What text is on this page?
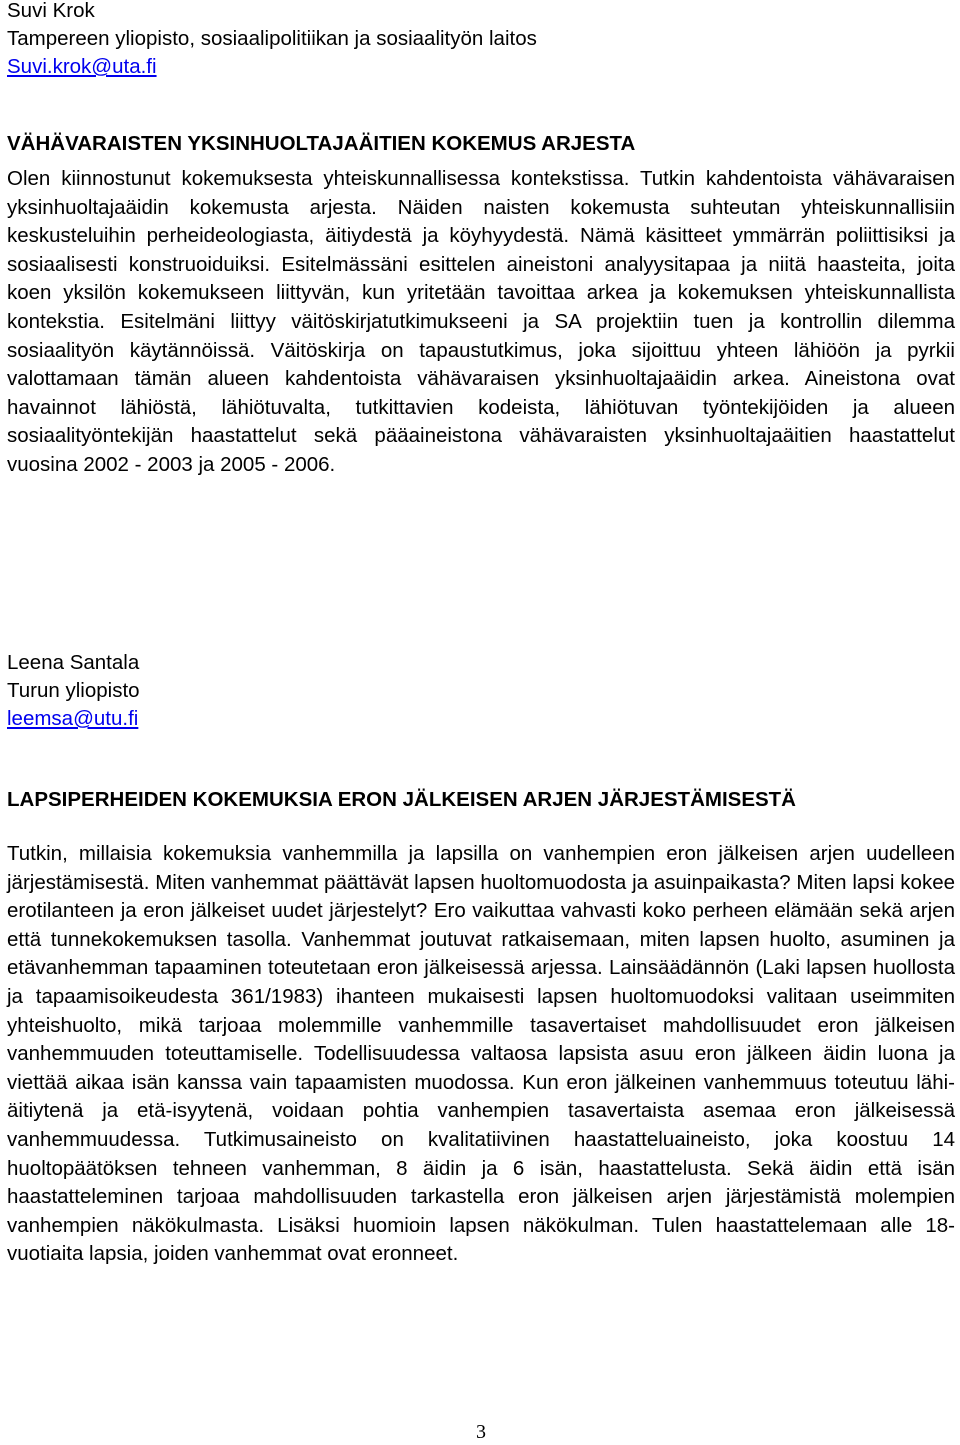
Suvi Krok

Tampereen yliopisto, sosiaalipolitiikan ja sosiaalityön laitos

Suvi.krok@uta.fi

VÄHÄVARAISTEN YKSINHUOLTAJAÄITIEN KOKEMUS ARJESTA

Olen kiinnostunut kokemuksesta yhteiskunnallisessa kontekstissa. Tutkin kahdentoista vähävaraisen yksinhuoltajaäidin kokemusta arjesta. Näiden naisten kokemusta suhteutan yhteiskunnallisiin keskusteluihin perheideologiasta, äitiydestä ja köyhyydestä. Nämä käsitteet ymmärrän poliittisiksi ja sosiaalisesti konstruoiduiksi. Esitelmässäni esittelen aineistoni analyysitapaa ja niitä haasteita, joita koen yksilön kokemukseen liittyvän, kun yritetään tavoittaa arkea ja kokemuksen yhteiskunnallista kontekstia. Esitelmäni liittyy väitöskirjatutkimukseeni ja SA projektiin tuen ja kontrollin dilemma sosiaalityön käytännöissä. Väitöskirja on tapaustutkimus, joka sijoittuu yhteen lähiöön ja pyrkii valottamaan tämän alueen kahdentoista vähävaraisen yksinhuoltajaäidin arkea. Aineistona ovat havainnot lähiöstä, lähiötuvalta, tutkittavien kodeista, lähiötuvan työntekijöiden ja alueen sosiaalityöntekijän haastattelut sekä pääaineistona vähävaraisten yksinhuoltajaäitien haastattelut vuosina 2002 - 2003 ja 2005 - 2006.

Leena Santala

Turun yliopisto

leemsa@utu.fi

LAPSIPERHEIDEN KOKEMUKSIA ERON JÄLKEISEN ARJEN JÄRJESTÄMISESTÄ

Tutkin, millaisia kokemuksia vanhemmilla ja lapsilla on vanhempien eron jälkeisen arjen uudelleen järjestämisestä. Miten vanhemmat päättävät lapsen huoltomuodosta ja asuinpaikasta? Miten lapsi kokee erotilanteen ja eron jälkeiset uudet järjestelyt? Ero vaikuttaa vahvasti koko perheen elämään sekä arjen että tunnekokemuksen tasolla. Vanhemmat joutuvat ratkaisemaan, miten lapsen huolto, asuminen ja etävanhemman tapaaminen toteutetaan eron jälkeisessä arjessa. Lainsäädännön (Laki lapsen huollosta ja tapaamisoikeudesta 361/1983) ihanteen mukaisesti lapsen huoltomuodoksi valitaan useimmiten yhteishuolto, mikä tarjoaa molemmille vanhemmille tasavertaiset mahdollisuudet eron jälkeisen vanhemmuuden toteuttamiselle. Todellisuudessa valtaosa lapsista asuu eron jälkeen äidin luona ja viettää aikaa isän kanssa vain tapaamisten muodossa. Kun eron jälkeinen vanhemmuus toteutuu lähi-äitiytenä ja etä-isyytenä, voidaan pohtia vanhempien tasavertaista asemaa eron jälkeisessä vanhemmuudessa. Tutkimusaineisto on kvalitatiivinen haastatteluaineisto, joka koostuu 14 huoltopäätöksen tehneen vanhemman, 8 äidin ja 6 isän, haastattelusta. Sekä äidin että isän haastatteleminen tarjoaa mahdollisuuden tarkastella eron jälkeisen arjen järjestämistä molempien vanhempien näkökulmasta. Lisäksi huomioin lapsen näkökulman. Tulen haastattelemaan alle 18-vuotiaita lapsia, joiden vanhemmat ovat eronneet.

3
